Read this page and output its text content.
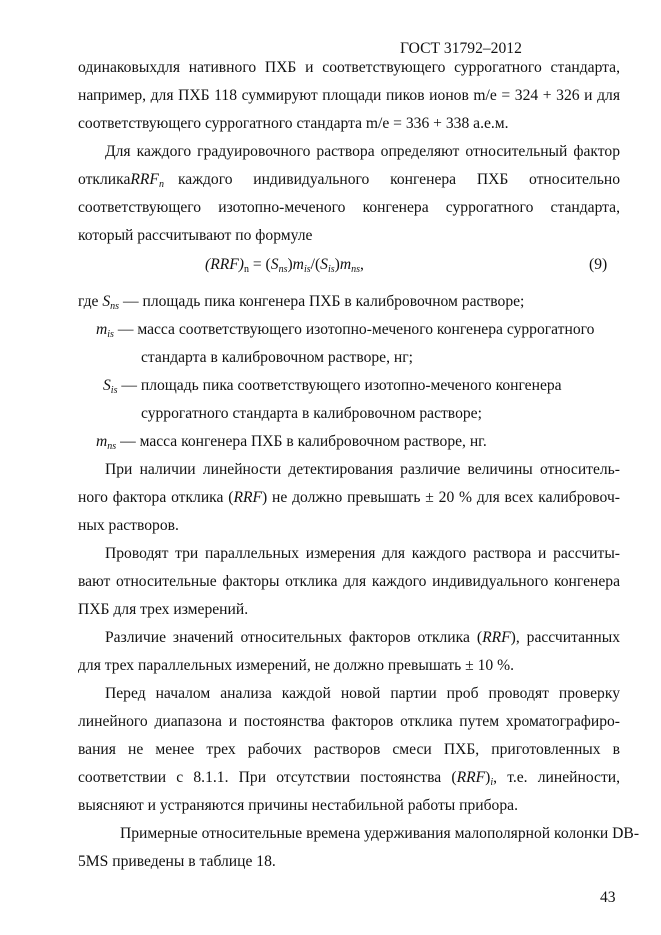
ГОСТ 31792–2012
одинаковыхдля нативного ПХБ и соответствующего суррогатного стандарта,
например, для ПХБ 118 суммируют площади пиков ионов m/e = 324 + 326 и для
соответствующего суррогатного стандарта m/e = 336 + 338 а.е.м.
Для каждого градуировочного раствора определяют относительный фактор
отклика $RRF_n$ каждого индивидуального конгенера ПХБ относительно
соответствующего изотопно-меченого конгенера суррогатного стандарта,
который рассчитывают по формуле
$(RRF)_n = (S_{ns})m_{is}/(S_{is})m_{ns}$,	(9)
где $S_{ns}$ — площадь пика конгенера ПХБ в калибровочном растворе;
$m_{is}$ — масса соответствующего изотопно-меченого конгенера суррогатного
стандарта в калибровочном растворе, нг;
$S_{is}$ — площадь пика соответствующего изотопно-меченого конгенера
суррогатного стандарта в калибровочном растворе;
$m_{ns}$ — масса конгенера ПХБ в калибровочном растворе, нг.
При наличии линейности детектирования различие величины относитель-
ного фактора отклика (RRF) не должно превышать ± 20 % для всех калибровоч-
ных растворов.
Проводят три параллельных измерения для каждого раствора и рассчиты-
вают относительные факторы отклика для каждого индивидуального конгенера
ПХБ для трех измерений.
Различие значений относительных факторов отклика (RRF), рассчитанных
для трех параллельных измерений, не должно превышать ± 10 %.
Перед началом анализа каждой новой партии проб проводят проверку
линейного диапазона и постоянства факторов отклика путем хроматографиро-
вания не менее трех рабочих растворов смеси ПХБ, приготовленных в
соответствии с 8.1.1. При отсутствии постоянства $(RRF)_i$, т.е. линейности,
выясняют и устраняются причины нестабильной работы прибора.
Примерные относительные времена удерживания малополярной колонки DB-
5MS приведены в таблице 18.
43
